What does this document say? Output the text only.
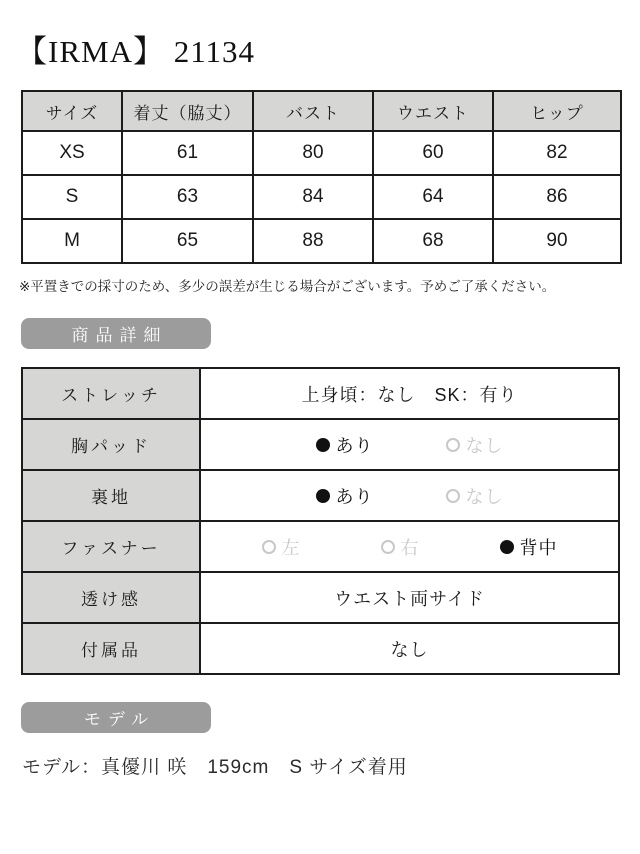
【IRMA】 21134
サイズ	着丈（脇丈）	バスト	ウエスト	ヒップ
XS	61	80	60	82
S	63	84	64	86
M	65	88	68	90
※平置きでの採寸のため、多少の誤差が生じる場合がございます。予めご了承ください。
商品詳細
ストレッチ	上身頃：なし　SK：有り
胸パッド	あり なし

裏地	あり なし

ファスナー	左 右 背中

透け感	ウエスト両サイド
付属品	なし
モデル
モデル：真優川 咲　159cm　S サイズ着用
